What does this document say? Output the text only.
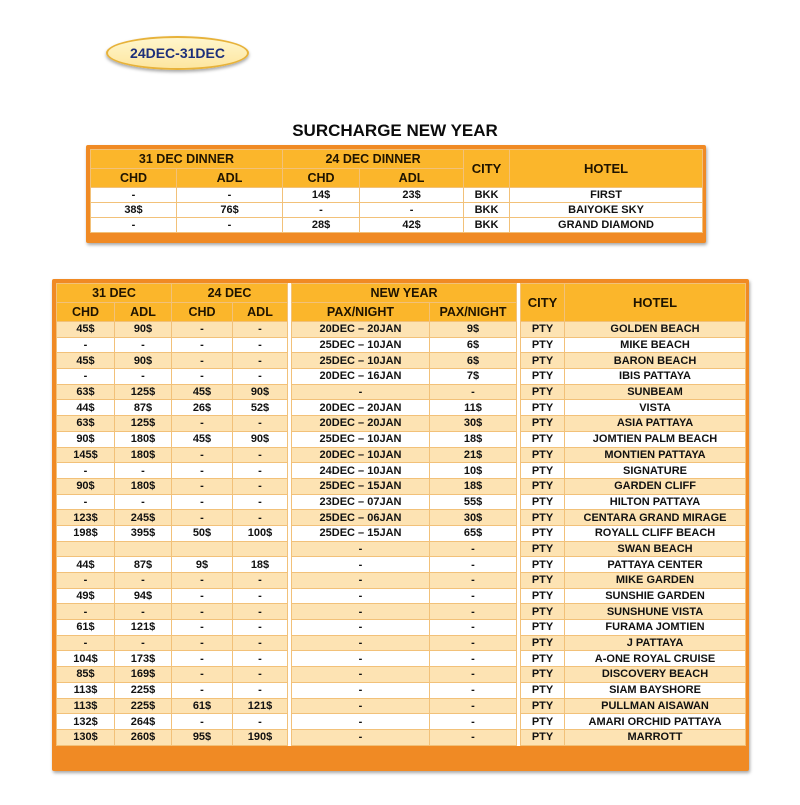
24DEC-31DEC
SURCHARGE NEW YEAR
31 DEC DINNER		24 DEC DINNER		CITY	HOTEL
CHD	ADL	CHD	ADL		
-	-	14$	23$	BKK	FIRST
38$	76$	-	-	BKK	BAIYOKE SKY
-	-	28$	42$	BKK	GRAND DIAMOND
31 DEC		24 DEC			NEW YEAR			CITY	HOTEL
CHD	ADL	CHD	ADL		PAX/NIGHT	PAX/NIGHT			
45$	90$	-	-		20DEC – 20JAN	9$		PTY	GOLDEN BEACH
-	-	-	-		25DEC – 10JAN	6$		PTY	MIKE BEACH
45$	90$	-	-		25DEC – 10JAN	6$		PTY	BARON BEACH
-	-	-	-		20DEC – 16JAN	7$		PTY	IBIS PATTAYA
63$	125$	45$	90$		-	-		PTY	SUNBEAM
44$	87$	26$	52$		20DEC – 20JAN	11$		PTY	VISTA
63$	125$	-	-		20DEC – 20JAN	30$		PTY	ASIA PATTAYA
90$	180$	45$	90$		25DEC – 10JAN	18$		PTY	JOMTIEN PALM BEACH
145$	180$	-	-		20DEC – 10JAN	21$		PTY	MONTIEN PATTAYA
-	-	-	-		24DEC – 10JAN	10$		PTY	SIGNATURE
90$	180$	-	-		25DEC – 15JAN	18$		PTY	GARDEN CLIFF
-	-	-	-		23DEC – 07JAN	55$		PTY	HILTON PATTAYA
123$	245$	-	-		25DEC – 06JAN	30$		PTY	CENTARA GRAND MIRAGE
198$	395$	50$	100$		25DEC – 15JAN	65$		PTY	ROYALL CLIFF BEACH
					-	-		PTY	SWAN BEACH
44$	87$	9$	18$		-	-		PTY	PATTAYA CENTER
-	-	-	-		-	-		PTY	MIKE GARDEN
49$	94$	-	-		-	-		PTY	SUNSHIE GARDEN
-	-	-	-		-	-		PTY	SUNSHUNE VISTA
61$	121$	-	-		-	-		PTY	FURAMA JOMTIEN
-	-	-	-		-	-		PTY	J PATTAYA
104$	173$	-	-		-	-		PTY	A-ONE ROYAL CRUISE
85$	169$	-	-		-	-		PTY	DISCOVERY BEACH
113$	225$	-	-		-	-		PTY	SIAM BAYSHORE
113$	225$	61$	121$		-	-		PTY	PULLMAN AISAWAN
132$	264$	-	-		-	-		PTY	AMARI ORCHID PATTAYA
130$	260$	95$	190$		-	-		PTY	MARROTT
